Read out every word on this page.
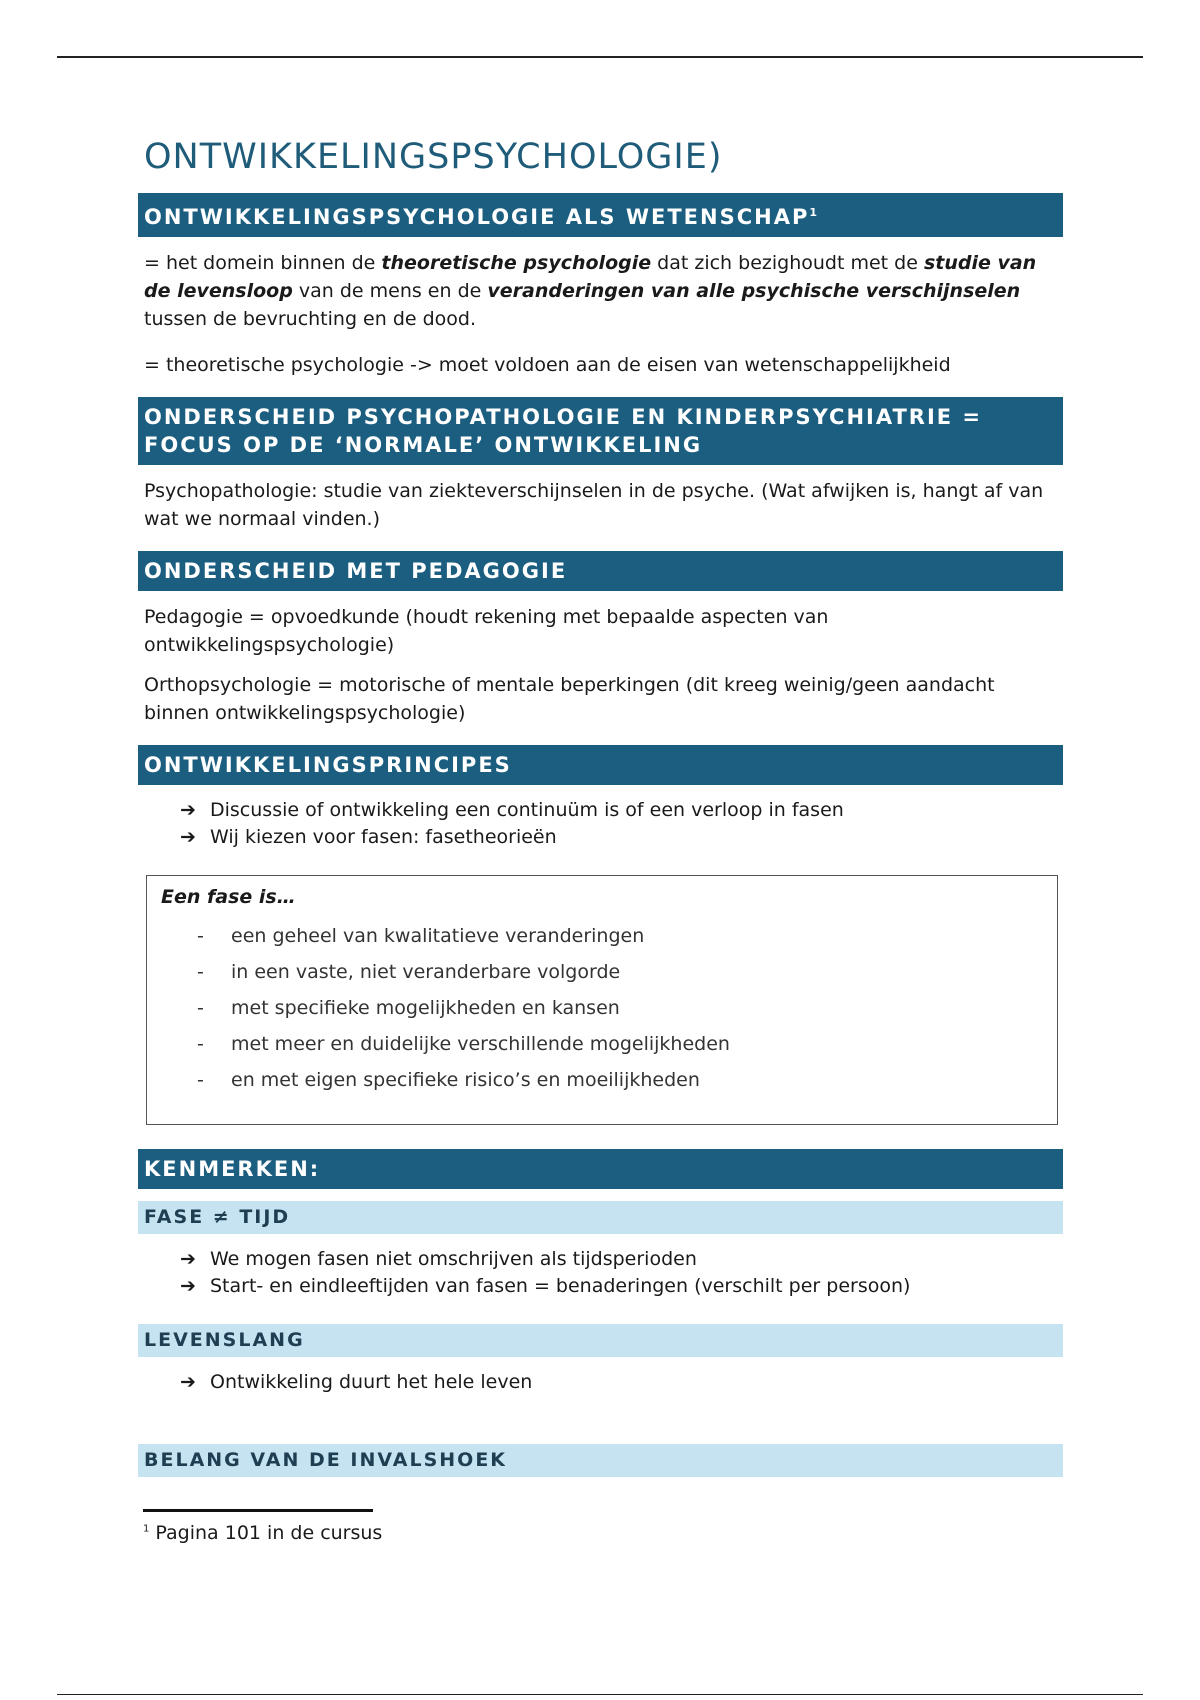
ONTWIKKELINGSPSYCHOLOGIE)
ONTWIKKELINGSPSYCHOLOGIE ALS WETENSCHAP$^1$

= het domein binnen de theoretische psychologie dat zich bezighoudt met de studie van de levensloop van de mens en de veranderingen van alle psychische verschijnselen tussen de bevruchting en de dood.

= theoretische psychologie -> moet voldoen aan de eisen van wetenschappelijkheid

ONDERSCHEID PSYCHOPATHOLOGIE EN KINDERPSYCHIATRIE = FOCUS OP DE ‘NORMALE’ ONTWIKKELING

Psychopathologie: studie van ziekteverschijnselen in de psyche. (Wat afwijken is, hangt af van wat we normaal vinden.)

ONDERSCHEID MET PEDAGOGIE

Pedagogie = opvoedkunde (houdt rekening met bepaalde aspecten van ontwikkelingspsychologie)

Orthopsychologie = motorische of mentale beperkingen (dit kreeg weinig/geen aandacht binnen ontwikkelingspsychologie)

ONTWIKKELINGSPRINCIPES
➔ Discussie of ontwikkeling een continuüm is of een verloop in fasen
➔ Wij kiezen voor fasen: fasetheorieën
Een fase is…
-	een geheel van kwalitatieve veranderingen
-	in een vaste, niet veranderbare volgorde
-	met specifieke mogelijkheden en kansen
-	met meer en duidelijke verschillende mogelijkheden
-	en met eigen specifieke risico’s en moeilijkheden
KENMERKEN:
FASE ≠ TIJD
➔ We mogen fasen niet omschrijven als tijdsperioden
➔ Start- en eindleeftijden van fasen = benaderingen (verschilt per persoon)
LEVENSLANG
➔ Ontwikkeling duurt het hele leven
BELANG VAN DE INVALSHOEK
$^1$ Pagina 101 in de cursus
